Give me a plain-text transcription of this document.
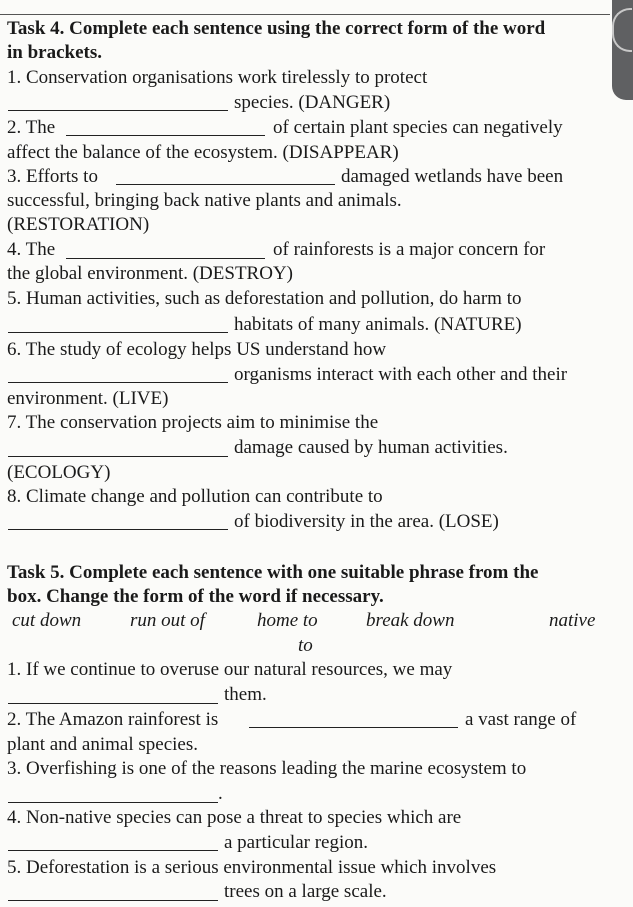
Task 4. Complete each sentence using the correct form of the word
in brackets.
1. Conservation organisations work tirelessly to protect
species. (DANGER)
2. The	of certain plant species can negatively
affect the balance of the ecosystem. (DISAPPEAR)
3. Efforts to	damaged wetlands have been
successful, bringing back native plants and animals.
(RESTORATION)
4. The	of rainforests is a major concern for
the global environment. (DESTROY)
5. Human activities, such as deforestation and pollution, do harm to
habitats of many animals. (NATURE)
6. The study of ecology helps US understand how
organisms interact with each other and their
environment. (LIVE)
7. The conservation projects aim to minimise the
damage caused by human activities.
(ECOLOGY)
8. Climate change and pollution can contribute to
of biodiversity in the area. (LOSE)
Task 5. Complete each sentence with one suitable phrase from the
box. Change the form of the word if necessary.
cut down	run out of	home to
to
break down	native
1. If we continue to overuse our natural resources, we may
them.
2. The Amazon rainforest is	a vast range of
plant and animal species.
3. Overfishing is one of the reasons leading the marine ecosystem to
.
4. Non-native species can pose a threat to species which are
a particular region.
5. Deforestation is a serious environmental issue which involves
trees on a large scale.
